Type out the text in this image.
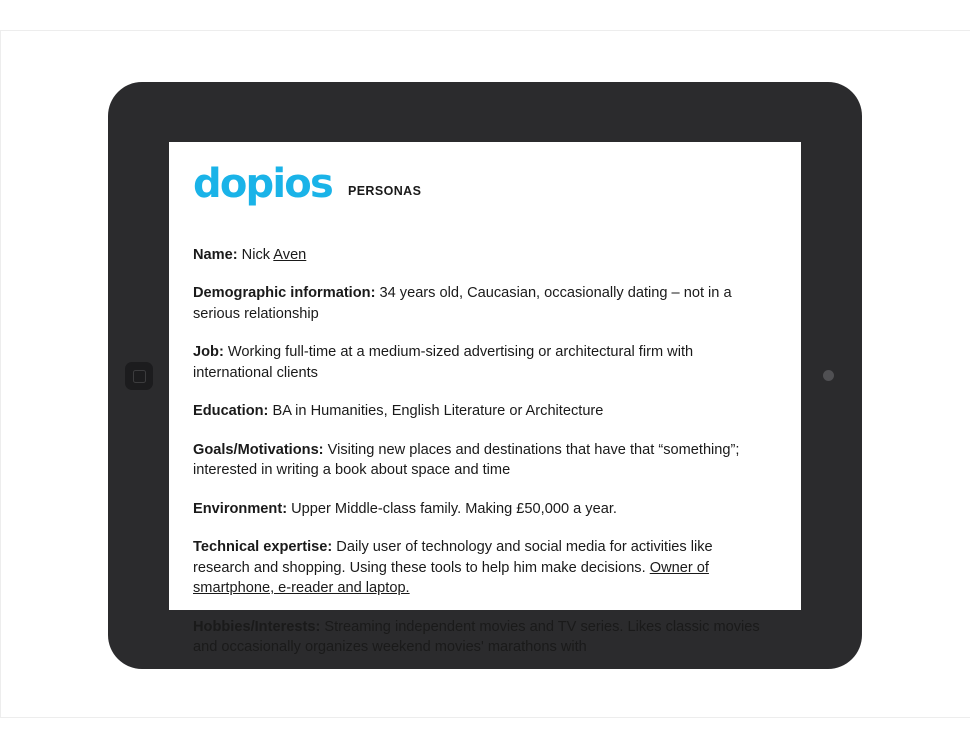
dopios PERSONAS

Name: Nick Aven

Demographic information: 34 years old, Caucasian, occasionally dating – not in a serious relationship

Job: Working full-time at a medium-sized advertising or architectural firm with international clients

Education: BA in Humanities, English Literature or Architecture

Goals/Motivations: Visiting new places and destinations that have that “something”; interested in writing a book about space and time

Environment: Upper Middle-class family. Making £50,000 a year.

Technical expertise: Daily user of technology and social media for activities like research and shopping. Using these tools to help him make decisions. Owner of smartphone, e-reader and laptop.

Hobbies/Interests: Streaming independent movies and TV series. Likes classic movies and occasionally organizes weekend movies' marathons with
